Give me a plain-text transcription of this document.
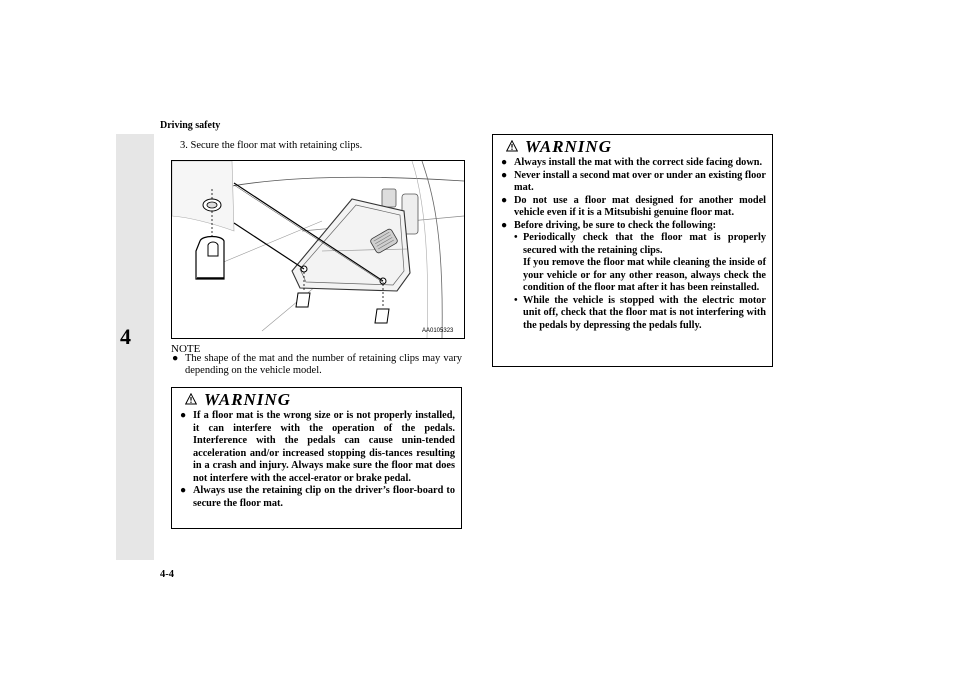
Driving safety
4
4-4
3. Secure the floor mat with retaining clips.
AA0105323
NOTE
● The shape of the mat and the number of retaining clips may vary depending on the vehicle model.
WARNING
● If a floor mat is the wrong size or is not properly installed, it can interfere with the operation of the pedals. Interference with the pedals can cause unin-tended acceleration and/or increased stopping dis-tances resulting in a crash and injury. Always make sure the floor mat does not interfere with the accel-erator or brake pedal.
● Always use the retaining clip on the driver’s floor-board to secure the floor mat.
WARNING
● Always install the mat with the correct side facing down.
● Never install a second mat over or under an existing floor mat.
● Do not use a floor mat designed for another model vehicle even if it is a Mitsubishi genuine floor mat.
● Before driving, be sure to check the following:
• Periodically check that the floor mat is properly secured with the retaining clips.
If you remove the floor mat while cleaning the inside of your vehicle or for any other reason, always check the condition of the floor mat after it has been reinstalled.
• While the vehicle is stopped with the electric motor unit off, check that the floor mat is not interfering with the pedals by depressing the pedals fully.
